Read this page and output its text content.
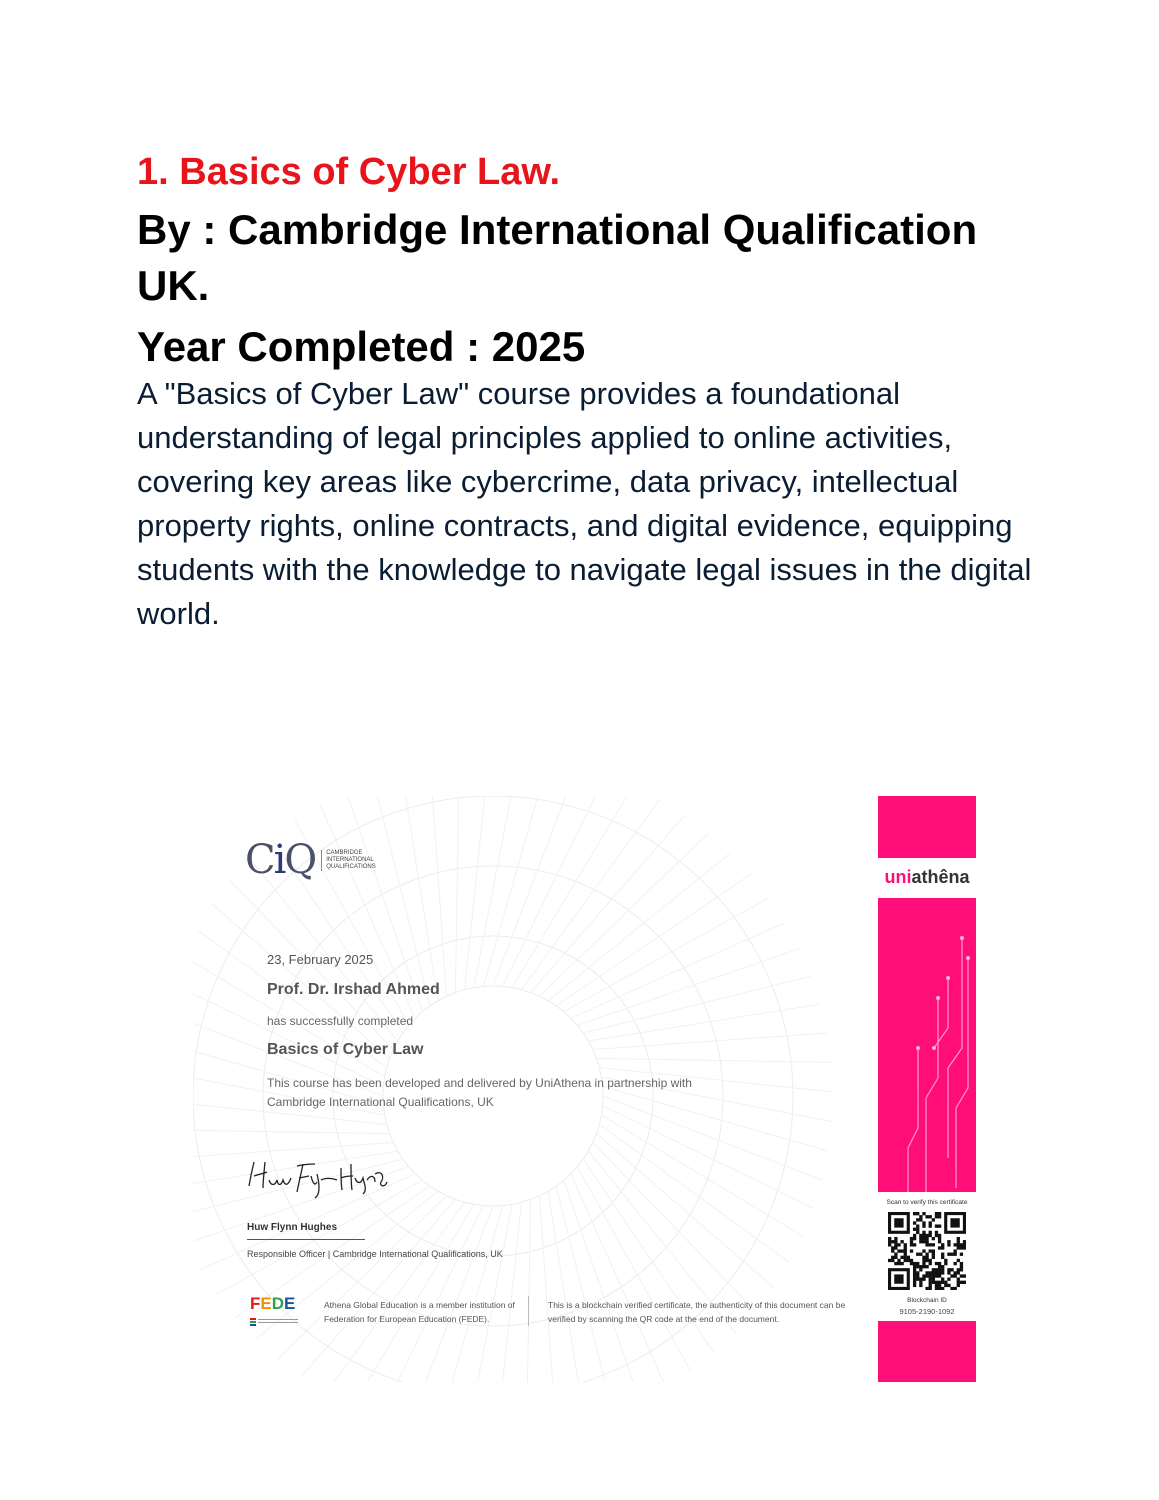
1. Basics of Cyber Law.
By : Cambridge International Qualification UK.
Year Completed : 2025

A "Basics of Cyber Law" course provides a foundational understanding of legal principles applied to online activities, covering key areas like cybercrime, data privacy, intellectual property rights, online contracts, and digital evidence, equipping students with the knowledge to navigate legal issues in the digital world.

CiQ	CAMBRIDGE INTERNATIONAL QUALIFICATIONS
23, February 2025
Prof. Dr. Irshad Ahmed
has successfully completed
Basics of Cyber Law
This course has been developed and delivered by UniAthena in partnership with Cambridge International Qualifications, UK
Huw Flynn Hughes
Responsible Officer | Cambridge International Qualifications, UK
FEDE	Athena Global Education is a member institution of Federation for European Education (FEDE).
This is a blockchain verified certificate, the authenticity of this document can be verified by scanning the QR code at the end of the document.
uniathêna
Scan to verify this certificate
Blockchain ID
9105-2190-1092
